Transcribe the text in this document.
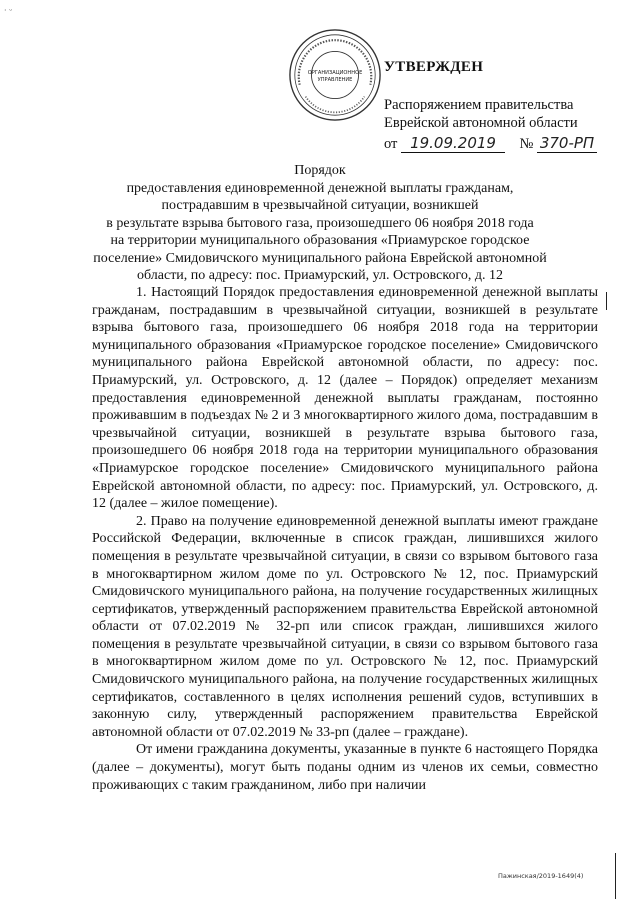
· ᵕ
ОРГАНИЗАЦИОННОЕ
УПРАВЛЕНИЕ
УТВЕРЖДЕН
Распоряжением правительства
Еврейской автономной области
от 19.09.2019 № 370-РП
Порядок
предоставления единовременной денежной выплаты гражданам,
пострадавшим в чрезвычайной ситуации, возникшей
в результате взрыва бытового газа, произошедшего 06 ноября 2018 года
на территории муниципального образования «Приамурское городское
поселение» Смидовичского муниципального района Еврейской автономной
области, по адресу: пос. Приамурский, ул. Островского, д. 12

1. Настоящий Порядок предоставления единовременной денежной выплаты гражданам, пострадавшим в чрезвычайной ситуации, возникшей в результате взрыва бытового газа, произошедшего 06 ноября 2018 года на территории муниципального образования «Приамурское городское поселение» Смидовичского муниципального района Еврейской автономной области, по адресу: пос. Приамурский, ул. Островского, д. 12 (далее – Порядок) определяет механизм предоставления единовременной денежной выплаты гражданам, постоянно проживавшим в подъездах № 2 и 3 многоквартирного жилого дома, пострадавшим в чрезвычайной ситуации, возникшей в результате взрыва бытового газа, произошедшего 06 ноября 2018 года на территории муниципального образования «Приамурское городское поселение» Смидовичского муниципального района Еврейской автономной области, по адресу: пос. Приамурский, ул. Островского, д. 12 (далее – жилое помещение).

2. Право на получение единовременной денежной выплаты имеют граждане Российской Федерации, включенные в список граждан, лишившихся жилого помещения в результате чрезвычайной ситуации, в связи со взрывом бытового газа в многоквартирном жилом доме по ул. Островского № 12, пос. Приамурский Смидовичского муниципального района, на получение государственных жилищных сертификатов, утвержденный распоряжением правительства Еврейской автономной области от 07.02.2019 № 32-рп или список граждан, лишившихся жилого помещения в результате чрезвычайной ситуации, в связи со взрывом бытового газа в многоквартирном жилом доме по ул. Островского № 12, пос. Приамурский Смидовичского муниципального района, на получение государственных жилищных сертификатов, составленного в целях исполнения решений судов, вступивших в законную силу, утвержденный распоряжением правительства Еврейской автономной области от 07.02.2019 № 33-рп (далее – граждане).

От имени гражданина документы, указанные в пункте 6 настоящего Порядка (далее – документы), могут быть поданы одним из членов их семьи, совместно проживающих с таким гражданином, либо при наличии

Пажинская/2019-1649(4)
